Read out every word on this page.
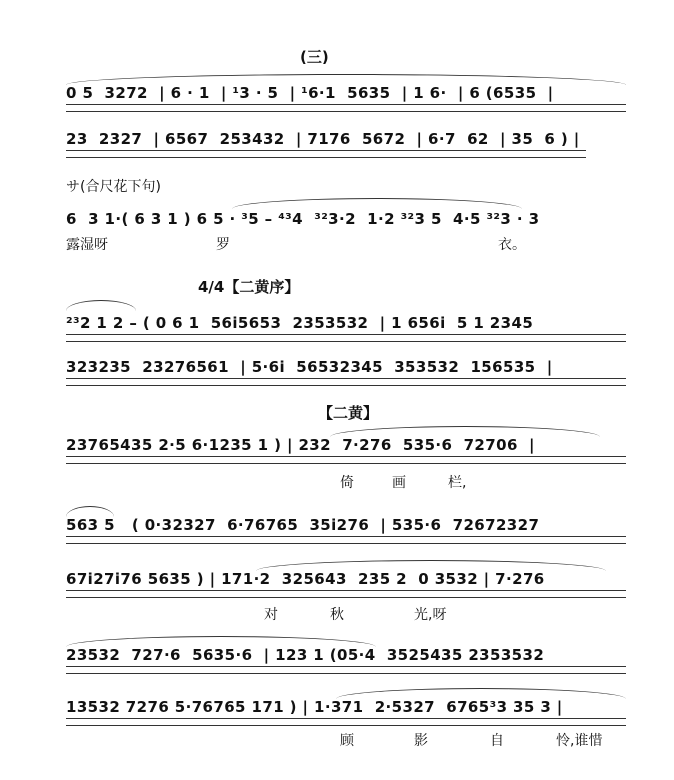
(三)
0 5  3272  | 6 · 1  | ¹3 · 5  | ¹6·1  5635  | 1 6·  | 6 (6535  |
23  2327  | 6567  253432  | 7176  5672  | 6·7  62  | 35  6 ) |
サ(合尺花下句)
6  3 1·( 6 3 1 ) 6 5 · ³5 – ⁴³4  ³²3·2  1·2 ³²3 5  4·5 ³²3 · 3
露湿呀	罗	衣。
4/4【二黄序】
²³2 1 2 – ( 0 6 1  56i5653  2353532  | 1 656i  5 1 2345
323235  23276561  | 5·6i  56532345  353532  156535  |
【二黄】
23765435 2·5 6·1235 1 ) | 232  7·276  535·6  72706  |
倚	画	栏,
563 5   ( 0·32327  6·76765  35i276  | 535·6  72672327
67i27i76 5635 ) | 171·2  325643  235 2  0 3532 | 7·276
对	秋	光,呀
23532  727·6  5635·6  | 123 1 (05·4  3525435 2353532
13532 7276 5·76765 171 ) | 1·371  2·5327  6765³3 35 3 |
顾	影	自	怜,谁惜
